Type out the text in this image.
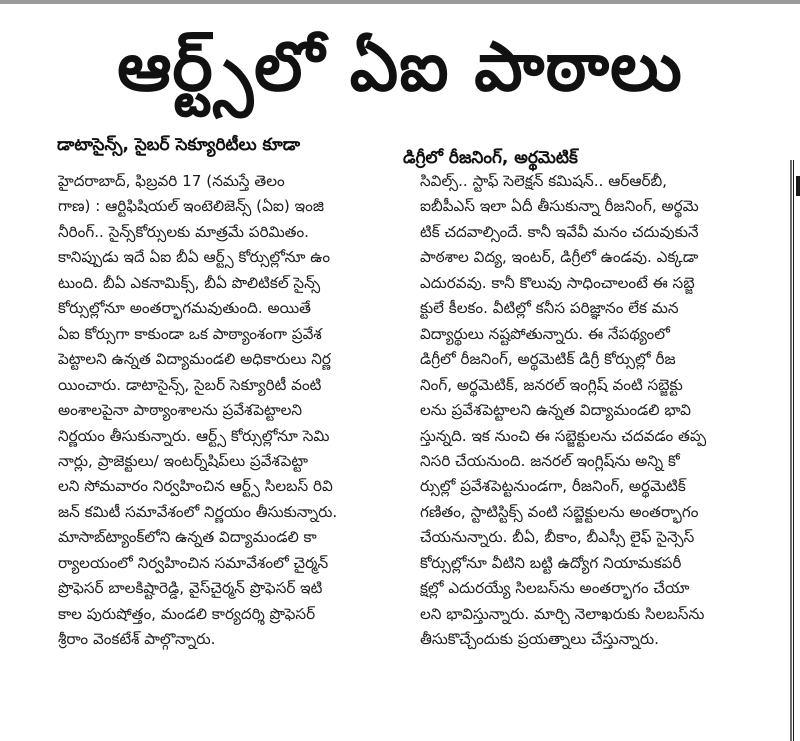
ఆర్ట్స్‌లో ఏఐ పాఠాలు
డాటాసైన్స్, సైబర్ సెక్యూరిటీలు కూడా
డిగ్రీలో రీజనింగ్, అర్థమెటిక్
హైదరాబాద్, ఫిబ్రవరి 17 (నమస్తే తెలం
గాణ) : ఆర్టిఫిషియల్ ఇంటెలిజెన్స్ (ఏఐ) ఇంజి
నీరింగ్.. సైన్స్‌కోర్సులకు మాత్రమే పరిమితం.
కానిప్పుడు ఇదే ఏఐ బీఏ ఆర్ట్స్ కోర్సుల్లోనూ ఉం
టుంది. బీఏ ఎకనామిక్స్, బీఏ పొలిటికల్ సైన్స్
కోర్సుల్లోనూ అంతర్భాగమవుతుంది. అయితే
ఏఐ కోర్సుగా కాకుండా ఒక పాఠ్యాంశంగా ప్రవేశ
పెట్టాలని ఉన్నత విద్యామండలి అధికారులు నిర్ణ
యించారు. డాటాసైన్స్, సైబర్ సెక్యూరిటీ వంటి
అంశాలపైనా పాఠ్యాంశాలను ప్రవేశపెట్టాలని
నిర్ణయం తీసుకున్నారు. ఆర్ట్స్ కోర్సుల్లోనూ సెమి
నార్లు, ప్రాజెక్టులు/ ఇంటర్న్‌షిప్‌లు ప్రవేశపెట్టా
లని సోమవారం నిర్వహించిన ఆర్ట్స్ సిలబస్ రివి
జన్ కమిటీ సమావేశంలో నిర్ణయం తీసుకున్నారు.
మాసాబ్‌ట్యాంక్‌లోని ఉన్నత విద్యామండలి కా
ర్యాలయంలో నిర్వహించిన సమావేశంలో చైర్మన్
ప్రొఫెసర్ బాలకిష్టారెడ్డి, వైస్‌చైర్మన్ ప్రొఫెసర్ ఇటి
కాల పురుషోత్తం, మండలి కార్యదర్శి ప్రొఫెసర్
శ్రీరాం వెంకటేశ్ పాల్గొన్నారు.
సివిల్స్.. స్టాఫ్ సెలెక్షన్ కమిషన్.. ఆర్‌ఆర్‌బీ,
ఐబీపీఎస్ ఇలా ఏదీ తీసుకున్నా రీజనింగ్, అర్థమె
టిక్ చదవాల్సిందే. కానీ ఇవేవీ మనం చదువుకునే
పాఠశాల విద్య, ఇంటర్, డిగ్రీలో ఉండవు. ఎక్కడా
ఎదురవవు. కానీ కొలువు సాధించాలంటే ఈ సబ్జె
క్టులే కీలకం. వీటిల్లో కనీస పరిజ్ఞానం లేక మన
విద్యార్థులు నష్టపోతున్నారు. ఈ నేపథ్యంలో
డిగ్రీలో రీజనింగ్, అర్థమెటిక్ డిగ్రీ కోర్సుల్లో రీజ
నింగ్, అర్థమెటిక్, జనరల్ ఇంగ్లిష్ వంటి సబ్జెక్టు
లను ప్రవేశపెట్టాలని ఉన్నత విద్యామండలి భావి
స్తున్నది. ఇక నుంచి ఈ సబ్జెక్టులను చదవడం తప్ప
నిసరి చేయనుంది. జనరల్ ఇంగ్లిష్‌ను అన్ని కో
ర్సుల్లో ప్రవేశపెట్టనుండగా, రీజనింగ్, అర్థమెటిక్
గణితం, స్టాటిస్టిక్స్ వంటి సబ్జెక్టులను అంతర్భాగం
చేయనున్నారు. బీఏ, బీకాం, బీఎస్సీ లైఫ్ సైన్సెస్
కోర్సుల్లోనూ వీటిని బట్టి ఉద్యోగ నియామకపరీ
క్షల్లో ఎదురయ్యే సిలబస్‌ను అంతర్భాగం చేయా
లని భావిస్తున్నారు. మార్చి నెలాఖరుకు సిలబస్‌ను
తీసుకొచ్చేందుకు ప్రయత్నాలు చేస్తున్నారు.
